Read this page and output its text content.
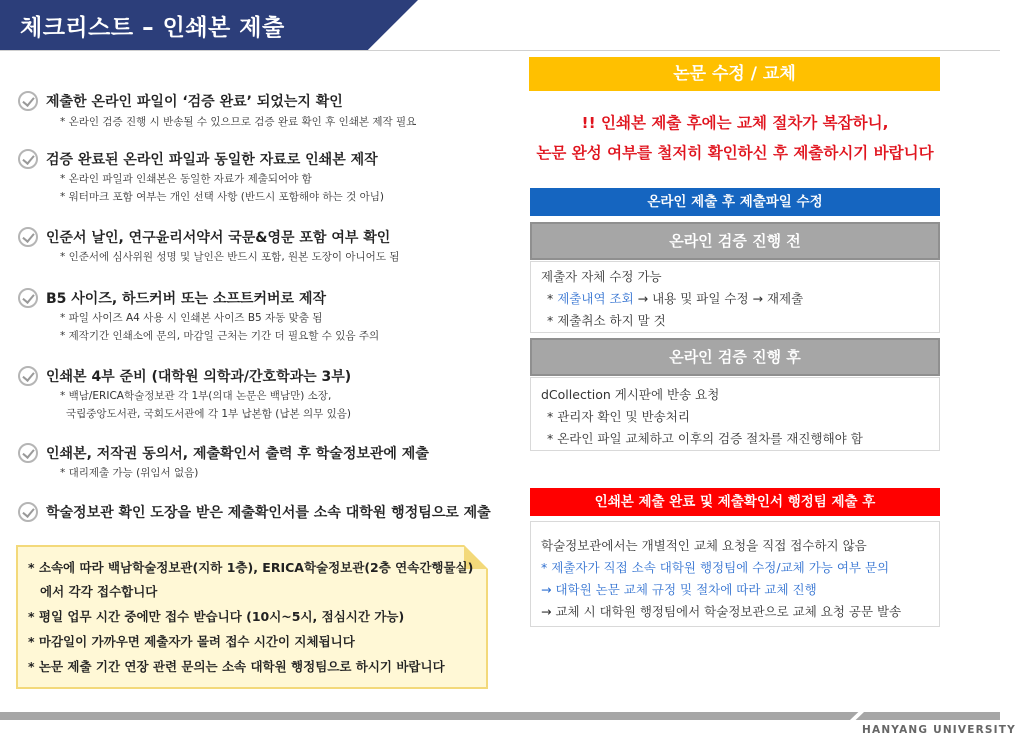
체크리스트 – 인쇄본 제출
제출한 온라인 파일이 ‘검증 완료’ 되었는지 확인
* 온라인 검증 진행 시 반송될 수 있으므로 검증 완료 확인 후 인쇄본 제작 필요
검증 완료된 온라인 파일과 동일한 자료로 인쇄본 제작
* 온라인 파일과 인쇄본은 동일한 자료가 제출되어야 함
* 워터마크 포함 여부는 개인 선택 사항 (반드시 포함해야 하는 것 아님)
인준서 날인, 연구윤리서약서 국문&영문 포함 여부 확인
* 인준서에 심사위원 성명 및 날인은 반드시 포함, 원본 도장이 아니어도 됨
B5 사이즈, 하드커버 또는 소프트커버로 제작
* 파일 사이즈 A4 사용 시 인쇄본 사이즈 B5 자동 맞춤 됨
* 제작기간 인쇄소에 문의, 마감일 근처는 기간 더 필요할 수 있음 주의
인쇄본 4부 준비 (대학원 의학과/간호학과는 3부)
* 백남/ERICA학술정보관 각 1부(의대 논문은 백남만) 소장,
국립중앙도서관, 국회도서관에 각 1부 납본함 (납본 의무 있음)
인쇄본, 저작권 동의서, 제출확인서 출력 후 학술정보관에 제출
* 대리제출 가능 (위임서 없음)
학술정보관 확인 도장을 받은 제출확인서를 소속 대학원 행정팀으로 제출
* 소속에 따라 백남학술정보관(지하 1층), ERICA학술정보관(2층 연속간행물실)
에서 각각 접수합니다
* 평일 업무 시간 중에만 접수 받습니다 (10시~5시, 점심시간 가능)
* 마감일이 가까우면 제출자가 몰려 접수 시간이 지체됩니다
* 논문 제출 기간 연장 관련 문의는 소속 대학원 행정팀으로 하시기 바랍니다
논문 수정 / 교체
!! 인쇄본 제출 후에는 교체 절차가 복잡하니,
논문 완성 여부를 철저히 확인하신 후 제출하시기 바랍니다
온라인 제출 후 제출파일 수정
온라인 검증 진행 전
제출자 자체 수정 가능
* 제출내역 조회 → 내용 및 파일 수정 → 재제출
* 제출취소 하지 말 것
온라인 검증 진행 후
dCollection 게시판에 반송 요청
* 관리자 확인 및 반송처리
* 온라인 파일 교체하고 이후의 검증 절차를 재진행해야 함
인쇄본 제출 완료 및 제출확인서 행정팀 제출 후
학술정보관에서는 개별적인 교체 요청을 직접 접수하지 않음
* 제출자가 직접 소속 대학원 행정팀에 수정/교체 가능 여부 문의
→ 대학원 논문 교체 규정 및 절차에 따라 교체 진행
→ 교체 시 대학원 행정팀에서 학술정보관으로 교체 요청 공문 발송
HANYANG UNIVERSITY
